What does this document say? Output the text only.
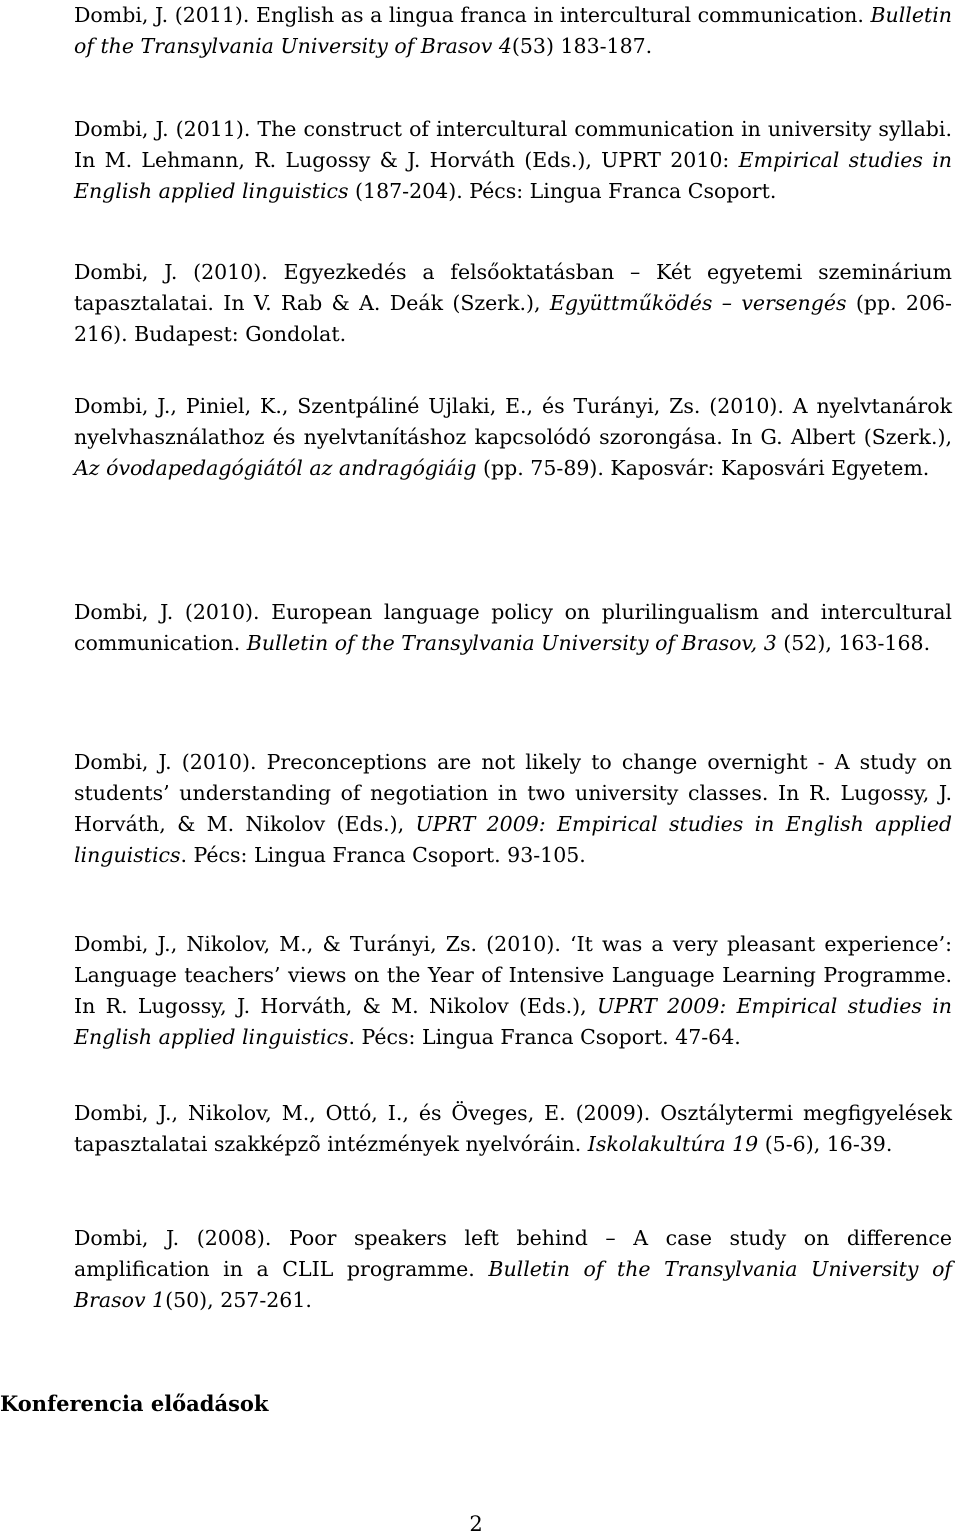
Dombi, J. (2011). English as a lingua franca in intercultural communication. Bulletin of the Transylvania University of Brasov 4(53) 183-187.

Dombi, J. (2011). The construct of intercultural communication in university syllabi. In M. Lehmann, R. Lugossy & J. Horváth (Eds.), UPRT 2010: Empirical studies in English applied linguistics (187-204). Pécs: Lingua Franca Csoport.

Dombi, J. (2010). Egyezkedés a felsőoktatásban – Két egyetemi szeminárium tapasztalatai. In V. Rab & A. Deák (Szerk.), Együttműködés – versengés (pp. 206-216). Budapest: Gondolat.

Dombi, J., Piniel, K., Szentpáliné Ujlaki, E., és Turányi, Zs. (2010). A nyelvtanárok nyelvhasználathoz és nyelvtanításhoz kapcsolódó szorongása. In G. Albert (Szerk.), Az óvodapedagógiától az andragógiáig (pp. 75-89). Kaposvár: Kaposvári Egyetem.

Dombi, J. (2010). European language policy on plurilingualism and intercultural communication. Bulletin of the Transylvania University of Brasov, 3 (52), 163-168.

Dombi, J. (2010). Preconceptions are not likely to change overnight - A study on students’ understanding of negotiation in two university classes. In R. Lugossy, J. Horváth, & M. Nikolov (Eds.), UPRT 2009: Empirical studies in English applied linguistics. Pécs: Lingua Franca Csoport. 93-105.

Dombi, J., Nikolov, M., & Turányi, Zs. (2010). ‘It was a very pleasant experience’: Language teachers’ views on the Year of Intensive Language Learning Programme. In R. Lugossy, J. Horváth, & M. Nikolov (Eds.), UPRT 2009: Empirical studies in English applied linguistics. Pécs: Lingua Franca Csoport. 47-64.

Dombi, J., Nikolov, M., Ottó, I., és Öveges, E. (2009). Osztálytermi megfigyelések tapasztalatai szakképzõ intézmények nyelvóráin. Iskolakultúra 19 (5-6), 16-39.

Dombi, J. (2008). Poor speakers left behind – A case study on difference amplification in a CLIL programme. Bulletin of the Transylvania University of Brasov 1(50), 257-261.

Konferencia előadások

2
